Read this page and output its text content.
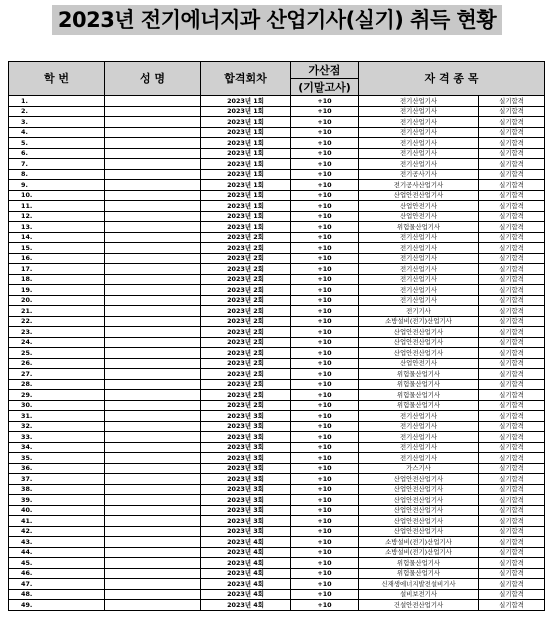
2023년 전기에너지과 산업기사(실기) 취득 현황
학 번	성 명	합격회차	가산점	자 격 종 목	
			(기말고사)		
1.		2023년 1회	+10	전기산업기사	실기합격
2.		2023년 1회	+10	전기산업기사	실기합격
3.		2023년 1회	+10	전기산업기사	실기합격
4.		2023년 1회	+10	전기산업기사	실기합격
5.		2023년 1회	+10	전기산업기사	실기합격
6.		2023년 1회	+10	전기산업기사	실기합격
7.		2023년 1회	+10	전기산업기사	실기합격
8.		2023년 1회	+10	전기공사기사	실기합격
9.		2023년 1회	+10	전기공사산업기사	실기합격
10.		2023년 1회	+10	산업안전산업기사	실기합격
11.		2023년 1회	+10	산업안전기사	실기합격
12.		2023년 1회	+10	산업안전기사	실기합격
13.		2023년 1회	+10	위험물산업기사	실기합격
14.		2023년 2회	+10	전기산업기사	실기합격
15.		2023년 2회	+10	전기산업기사	실기합격
16.		2023년 2회	+10	전기산업기사	실기합격
17.		2023년 2회	+10	전기산업기사	실기합격
18.		2023년 2회	+10	전기산업기사	실기합격
19.		2023년 2회	+10	전기산업기사	실기합격
20.		2023년 2회	+10	전기산업기사	실기합격
21.		2023년 2회	+10	전기기사	실기합격
22.		2023년 2회	+10	소방설비(전기)산업기사	실기합격
23.		2023년 2회	+10	산업안전산업기사	실기합격
24.		2023년 2회	+10	산업안전산업기사	실기합격
25.		2023년 2회	+10	산업안전산업기사	실기합격
26.		2023년 2회	+10	산업안전기사	실기합격
27.		2023년 2회	+10	위험물산업기사	실기합격
28.		2023년 2회	+10	위험물산업기사	실기합격
29.		2023년 2회	+10	위험물산업기사	실기합격
30.		2023년 2회	+10	위험물산업기사	실기합격
31.		2023년 3회	+10	전기산업기사	실기합격
32.		2023년 3회	+10	전기산업기사	실기합격
33.		2023년 3회	+10	전기산업기사	실기합격
34.		2023년 3회	+10	전기산업기사	실기합격
35.		2023년 3회	+10	전기산업기사	실기합격
36.		2023년 3회	+10	가스기사	실기합격
37.		2023년 3회	+10	산업안전산업기사	실기합격
38.		2023년 3회	+10	산업안전산업기사	실기합격
39.		2023년 3회	+10	산업안전산업기사	실기합격
40.		2023년 3회	+10	산업안전산업기사	실기합격
41.		2023년 3회	+10	산업안전산업기사	실기합격
42.		2023년 3회	+10	산업안전산업기사	실기합격
43.		2023년 4회	+10	소방설비(전기)산업기사	실기합격
44.		2023년 4회	+10	소방설비(전기)산업기사	실기합격
45.		2023년 4회	+10	위험물산업기사	실기합격
46.		2023년 4회	+10	위험물산업기사	실기합격
47.		2023년 4회	+10	신재생에너지발전설비기사	실기합격
48.		2023년 4회	+10	설비보전기사	실기합격
49.		2023년 4회	+10	건설안전산업기사	실기합격
